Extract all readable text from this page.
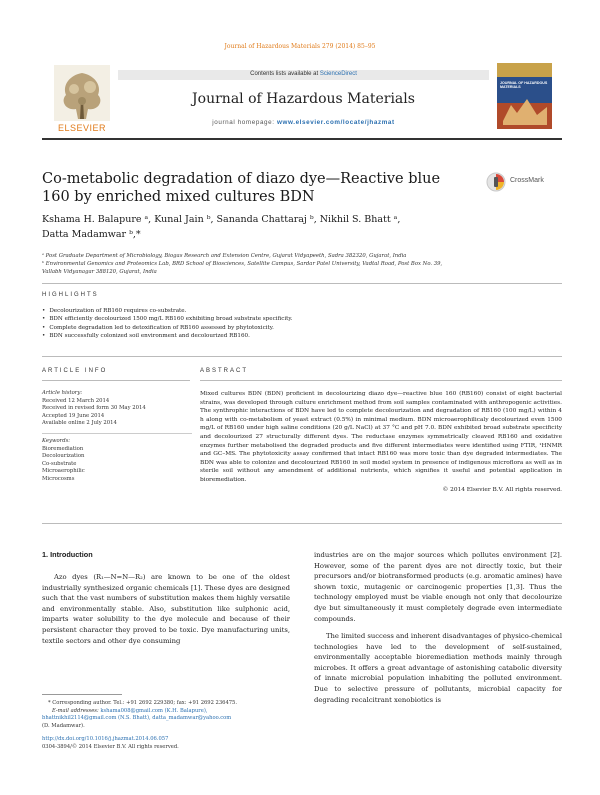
Journal of Hazardous Materials 279 (2014) 85–95
ELSEVIER
Contents lists available at ScienceDirect
Journal of Hazardous Materials
journal homepage: www.elsevier.com/locate/jhazmat
JOURNAL OF HAZARDOUS MATERIALS
Co-metabolic degradation of diazo dye—Reactive blue 160 by enriched mixed cultures BDN
CrossMark
Kshama H. Balapure ᵃ, Kunal Jain ᵇ, Sananda Chattaraj ᵇ, Nikhil S. Bhatt ᵃ,
Datta Madamwar ᵇ,*
ᵃ Post Graduate Department of Microbiology, Biogas Research and Extension Centre, Gujarat Vidyapeeth, Sadra 382320, Gujarat, India
ᵇ Environmental Genomics and Proteomics Lab, BRD School of Biosciences, Satellite Campus, Sardar Patel University, Vadtal Road, Post Box No. 39,
Vallabh Vidyanagar 388120, Gujarat, India
HIGHLIGHTS
• Decolourization of RB160 requires co-substrate.
• BDN efficiently decolourized 1500 mg/L RB160 exhibiting broad substrate specificity.
• Complete degradation led to detoxification of RB160 assessed by phytotoxicity.
• BDN successfully colonized soil environment and decolourized RB160.
ARTICLE INFO
Article history:
Received 12 March 2014
Received in revised form 30 May 2014
Accepted 19 June 2014
Available online 2 July 2014
Keywords:
Bioremediation
Decolourization
Co-substrate
Microaerophilic
Microcosms
ABSTRACT

Mixed cultures BDN (BDN) proficient in decolourizing diazo dye—reactive blue 160 (RB160) consist of eight bacterial strains, was developed through culture enrichment method from soil samples contaminated with anthropogenic activities. The synthrophic interactions of BDN have led to complete decolourization and degradation of RB160 (100 mg/L) within 4 h along with co-metabolism of yeast extract (0.5%) in minimal medium. BDN microaerophilicaly decolourized even 1500 mg/L of RB160 under high saline conditions (20 g/L NaCl) at 37 °C and pH 7.0. BDN exhibited broad substrate specificity and decolourized 27 structurally different dyes. The reductase enzymes symmetrically cleaved RB160 and oxidative enzymes further metabolised the degraded products and five different intermediates were identified using FTIR, ¹HNMR and GC–MS. The phytotoxicity assay confirmed that intact RB160 was more toxic than dye degraded intermediates. The BDN was able to colonize and decolourized RB160 in soil model system in presence of indigenous microflora as well as in sterile soil without any amendment of additional nutrients, which signifies it useful and potential application in bioremediation.

© 2014 Elsevier B.V. All rights reserved.

1. Introduction
Azo dyes (R₁—N=N—R₂) are known to be one of the oldest industrially synthesized organic chemicals [1]. These dyes are designed such that the vast numbers of substitution makes them highly versatile and environmentally stable. Also, substitution like sulphonic acid, imparts water solubility to the dye molecule and because of their persistent character they proved to be toxic. Dye manufacturing units, textile sectors and other dye consuming
industries are on the major sources which pollutes environment [2]. However, some of the parent dyes are not directly toxic, but their precursors and/or biotransformed products (e.g. aromatic amines) have shown toxic, mutagenic or carcinogenic properties [1,3]. Thus the technology employed must be viable enough not only that decolourize dye but simultaneously it must completely degrade even intermediate compounds.
The limited success and inherent disadvantages of physico-chemical technologies have led to the development of self-sustained, environmentally acceptable bioremediation methods mainly through microbes. It offers a great advantage of astonishing catabolic diversity of innate microbial population inhabiting the polluted environment. Due to selective pressure of pollutants, microbial capacity for degrading recalcitrant xenobiotics is
* Corresponding author. Tel.: +91 2692 229380; fax: +91 2692 236475.
E-mail addresses: kshama008@gmail.com (K.H. Balapure),
bhattnikhil2114@gmail.com (N.S. Bhatt), datta_madamwar@yahoo.com
(D. Madamwar).
http://dx.doi.org/10.1016/j.jhazmat.2014.06.057
0304-3894/© 2014 Elsevier B.V. All rights reserved.
